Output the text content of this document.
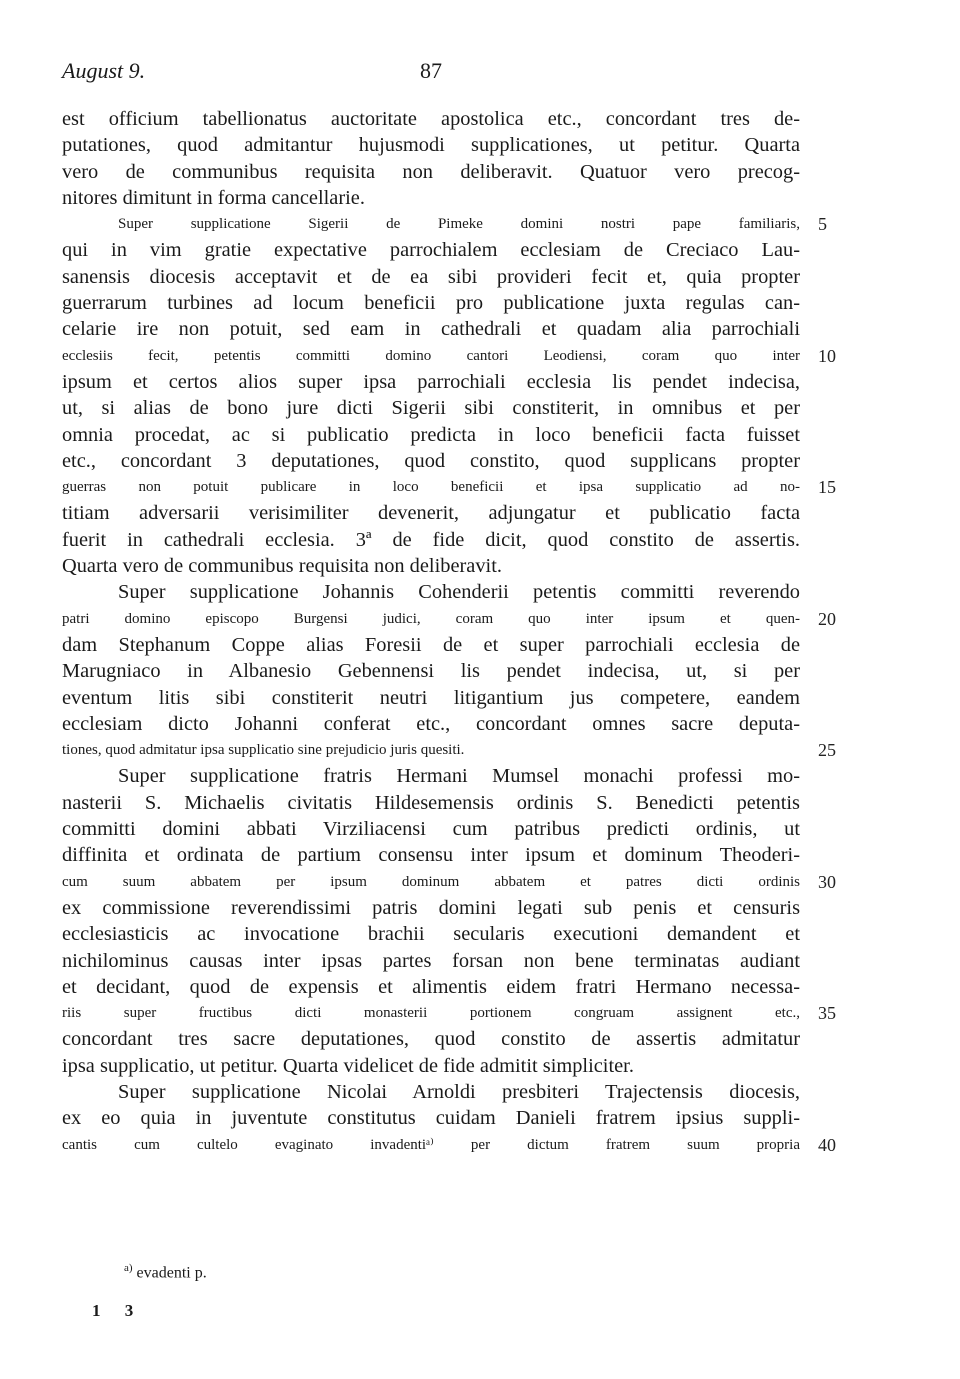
August 9.	87
est officium tabellionatus auctoritate apostolica etc., concordant tres de-
putationes, quod admitantur hujusmodi supplicationes, ut petitur. Quarta
vero de communibus requisita non deliberavit. Quatuor vero precog-
nitores dimitunt in forma cancellarie.
Super supplicatione Sigerii de Pimeke domini nostri pape familiaris, 5
qui in vim gratie expectative parrochialem ecclesiam de Creciaco Lau-
sanensis diocesis acceptavit et de ea sibi provideri fecit et, quia propter
guerrarum turbines ad locum beneficii pro publicatione juxta regulas can-
celarie ire non potuit, sed eam in cathedrali et quadam alia parrochiali
ecclesiis fecit, petentis committi domino cantori Leodiensi, coram quo inter 10
ipsum et certos alios super ipsa parrochiali ecclesia lis pendet indecisa,
ut, si alias de bono jure dicti Sigerii sibi constiterit, in omnibus et per
omnia procedat, ac si publicatio predicta in loco beneficii facta fuisset
etc., concordant 3 deputationes, quod constito, quod supplicans propter
guerras non potuit publicare in loco beneficii et ipsa supplicatio ad no- 15
titiam adversarii verisimiliter devenerit, adjungatur et publicatio facta
fuerit in cathedrali ecclesia. 3ª de fide dicit, quod constito de assertis.
Quarta vero de communibus requisita non deliberavit.
Super supplicatione Johannis Cohenderii petentis committi reverendo
patri domino episcopo Burgensi judici, coram quo inter ipsum et quen- 20
dam Stephanum Coppe alias Foresii de et super parrochiali ecclesia de
Marugniaco in Albanesio Gebennensi lis pendet indecisa, ut, si per
eventum litis sibi constiterit neutri litigantium jus competere, eandem
ecclesiam dicto Johanni conferat etc., concordant omnes sacre deputa-
tiones, quod admitatur ipsa supplicatio sine prejudicio juris quesiti.	25
Super supplicatione fratris Hermani Mumsel monachi professi mo-
nasterii S. Michaelis civitatis Hildesemensis ordinis S. Benedicti petentis
committi domini abbati Virziliacensi cum patribus predicti ordinis, ut
diffinita et ordinata de partium consensu inter ipsum et dominum Theoderi-
cum suum abbatem per ipsum dominum abbatem et patres dicti ordinis 30
ex commissione reverendissimi patris domini legati sub penis et censuris
ecclesiasticis ac invocatione brachii secularis executioni demandent et
nichilominus causas inter ipsas partes forsan non bene terminatas audiant
et decidant, quod de expensis et alimentis eidem fratri Hermano necessa-
riis super fructibus dicti monasterii portionem congruam assignent etc., 35
concordant tres sacre deputationes, quod constito de assertis admitatur
ipsa supplicatio, ut petitur. Quarta videlicet de fide admitit simpliciter.
Super supplicatione Nicolai Arnoldi presbiteri Trajectensis diocesis,
ex eo quia in juventute constitutus cuidam Danieli fratrem ipsius suppli-
cantis cum cultelo evaginato invadentiᵃ⁾ per dictum fratrem suum propria 40
$^{a)}$ evadenti p.
1 3
